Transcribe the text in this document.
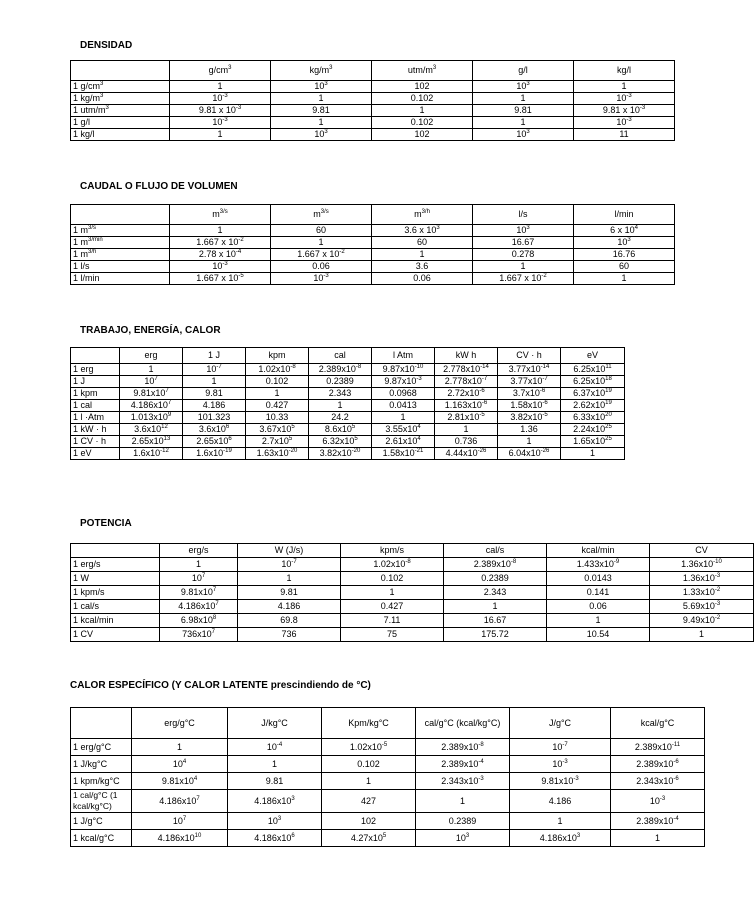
DENSIDAD
	$g/cm^3$	$kg/m^3$	utm/$m^3$	g/l	kg/l
1 $g/cm^3$	1	$10^3$	102	$10^3$	1
1 $kg/m^3$	$10^{-3}$	1	0.102	1	$10^{-3}$
1 utm/$m^3$	9.81 x $10^{-3}$	9.81	1	9.81	9.81 x $10^{-3}$
1 g/l	$10^{-3}$	1	0.102	1	$10^{-3}$
1 kg/l	1	$10^3$	102	$10^3$	11
CAUDAL O FLUJO DE VOLUMEN
	$m^{3/s}$	$m^{3/s}$	$m^{3/h}$	l/s	l/min
1 $m^{3/s}$	1	60	3.6 x $10^3$	$10^3$	6 x $10^4$
1 $m^{3/min}$	1.667 x $10^{-2}$	1	60	16.67	$10^3$
1 $m^{3/h}$	2.78 x $10^{-4}$	1.667 x $10^{-2}$	1	0.278	16.76
1 l/s	$10^{-3}$	0.06	3.6	1	60
1 l/min	1.667 x $10^{-5}$	$10^{-3}$	0.06	1.667 x $10^{-2}$	1
TRABAJO, ENERGÍA, CALOR
	erg	1 J	kpm	cal	l Atm	kW h	CV · h	eV
1 erg	1	$10^{-7}$	$1.02x10^{-8}$	$2.389x10^{-8}$	$9.87x10^{-10}$	$2.778x10^{-14}$	$3.77x10^{-14}$	$6.25x10^{11}$
1 J	$10^7$	1	0.102	0.2389	$9.87x10^{-3}$	$2.778x10^{-7}$	$3.77x10^{-7}$	$6.25x10^{18}$
1 kpm	$9.81x10^7$	9.81	1	2.343	0.0968	$2.72x10^{-6}$	$3.7x10^{-6}$	$6.37x10^{19}$
1 cal	$4.186x10^7$	4.186	0.427	1	0.0413	$1.163x10^{-6}$	$1.58x10^{-6}$	$2.62x10^{19}$
1 l ·Atm	$1.013x10^9$	101.323	10.33	24.2	1	$2.81x10^{-5}$	$3.82x10^{-5}$	$6.33x10^{20}$
1 kW · h	$3.6x10^{12}$	$3.6x10^6$	$3.67x10^5$	$8.6x10^5$	$3.55x10^4$	1	1.36	$2.24x10^{25}$
1 CV · h	$2.65x10^{13}$	$2.65x10^6$	$2.7x10^5$	$6.32x10^5$	$2.61x10^4$	0.736	1	$1.65x10^{25}$
1 eV	$1.6x10^{-12}$	$1.6x10^{-19}$	$1.63x10^{-20}$	$3.82x10^{-20}$	$1.58x10^{-21}$	$4.44x10^{-26}$	$6.04x10^{-26}$	1
POTENCIA
	erg/s	W (J/s)	kpm/s	cal/s	kcal/min	CV
1 erg/s	1	$10^{-7}$	$1.02x10^{-8}$	$2.389x10^{-8}$	$1.433x10^{-9}$	$1.36x10^{-10}$
1 W	$10^7$	1	0.102	0.2389	0.0143	$1.36x10^{-3}$
1 kpm/s	$9.81x10^7$	9.81	1	2.343	0.141	$1.33x10^{-2}$
1 cal/s	$4.186x10^7$	4.186	0.427	1	0.06	$5.69x10^{-3}$
1 kcal/min	$6.98x10^8$	69.8	7.11	16.67	1	$9.49x10^{-2}$
1 CV	$736x10^7$	736	75	175.72	10.54	1
CALOR ESPECÍFICO (Y CALOR LATENTE prescindiendo de °C)
	erg/g°C	J/kg°C	Kpm/kg°C	cal/g°C (kcal/kg°C)	J/g°C	kcal/g°C
1 erg/g°C	1	$10^{-4}$	$1.02x10^{-5}$	$2.389x10^{-8}$	$10^{-7}$	$2.389x10^{-11}$
1 J/kg°C	$10^4$	1	0.102	$2.389x10^{-4}$	$10^{-3}$	$2.389x10^{-6}$
1 kpm/kg°C	$9.81x10^4$	9.81	1	$2.343x10^{-3}$	$9.81x10^{-3}$	$2.343x10^{-6}$
1 cal/g°C (1 kcal/kg°C)	$4.186x10^7$	$4.186x10^3$	427	1	4.186	$10^{-3}$
1 J/g°C	$10^7$	$10^3$	102	0.2389	1	$2.389x10^{-4}$
1 kcal/g°C	$4.186x10^{10}$	$4.186x10^6$	$4.27x10^5$	$10^3$	$4.186x10^3$	1
